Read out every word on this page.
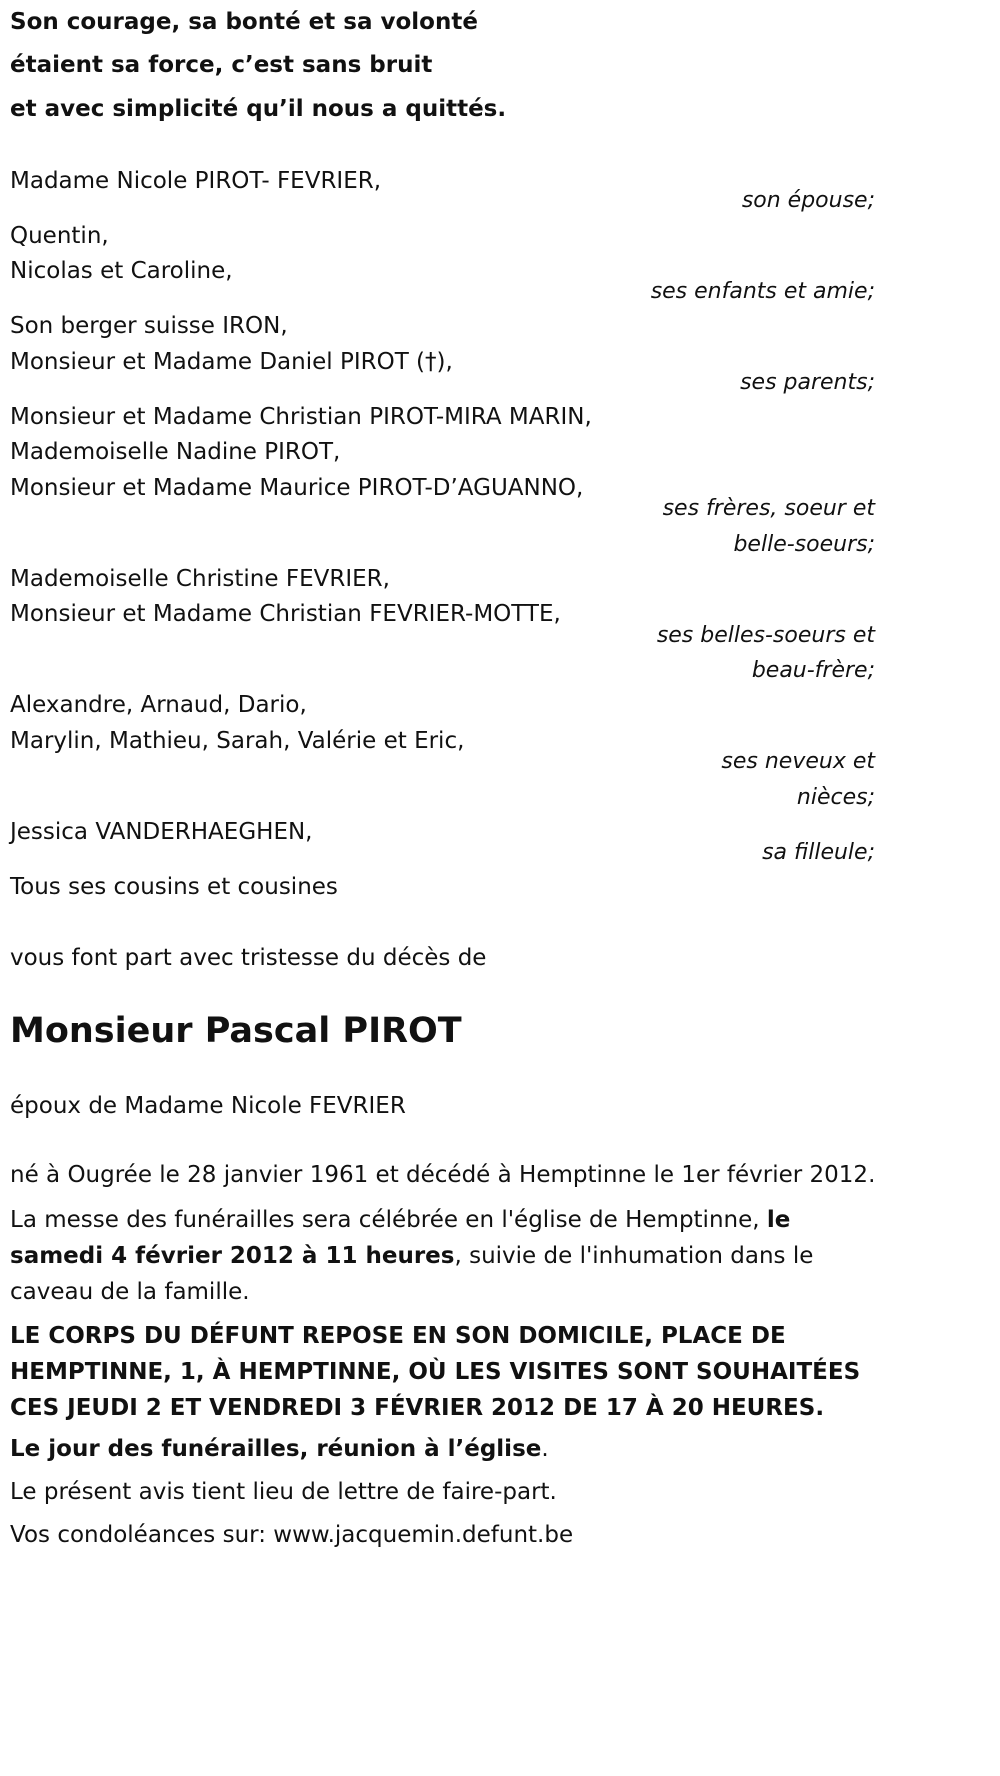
Son courage, sa bonté et sa volonté
étaient sa force, c’est sans bruit
et avec simplicité qu’il nous a quittés.
Madame Nicole PIROT- FEVRIER,
son épouse;
Quentin,
Nicolas et Caroline,
ses enfants et amie;
Son berger suisse IRON,
Monsieur et Madame Daniel PIROT (†),
ses parents;
Monsieur et Madame Christian PIROT-MIRA MARIN,
Mademoiselle Nadine PIROT,
Monsieur et Madame Maurice PIROT-D’AGUANNO,
ses frères, soeur et
belle-soeurs;
Mademoiselle Christine FEVRIER,
Monsieur et Madame Christian FEVRIER-MOTTE,
ses belles-soeurs et
beau-frère;
Alexandre, Arnaud, Dario,
Marylin, Mathieu, Sarah, Valérie et Eric,
ses neveux et
nièces;
Jessica VANDERHAEGHEN,
sa filleule;
Tous ses cousins et cousines
vous font part avec tristesse du décès de
Monsieur Pascal PIROT
époux de Madame Nicole FEVRIER
né à Ougrée le 28 janvier 1961 et décédé à Hemptinne le 1er février 2012.
La messe des funérailles sera célébrée en l'église de Hemptinne, le samedi 4 février 2012 à 11 heures, suivie de l'inhumation dans le caveau de la famille.
LE CORPS DU DÉFUNT REPOSE EN SON DOMICILE, PLACE DE HEMPTINNE, 1, À HEMPTINNE, OÙ LES VISITES SONT SOUHAITÉES CES JEUDI 2 ET VENDREDI 3 FÉVRIER 2012 DE 17 À 20 HEURES.
Le jour des funérailles, réunion à l’église.
Le présent avis tient lieu de lettre de faire-part.
Vos condoléances sur: www.jacquemin.defunt.be
